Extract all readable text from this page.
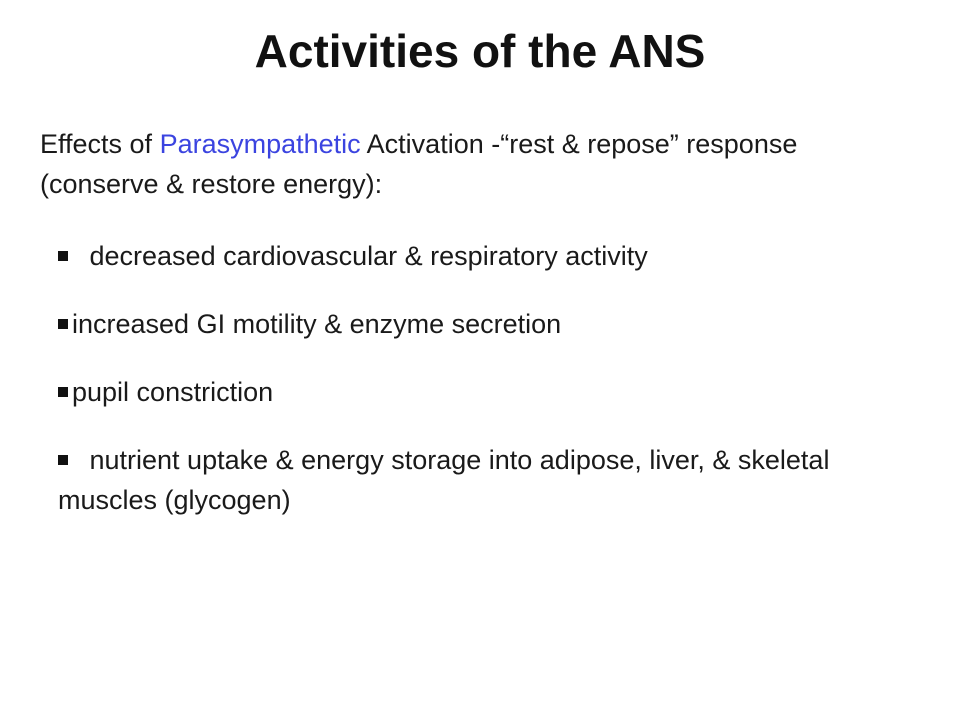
Activities of the ANS
Effects of Parasympathetic Activation -“rest & repose” response (conserve & restore energy):
decreased cardiovascular & respiratory activity
increased GI motility & enzyme secretion
pupil constriction
nutrient uptake & energy storage into adipose, liver, & skeletal muscles (glycogen)
